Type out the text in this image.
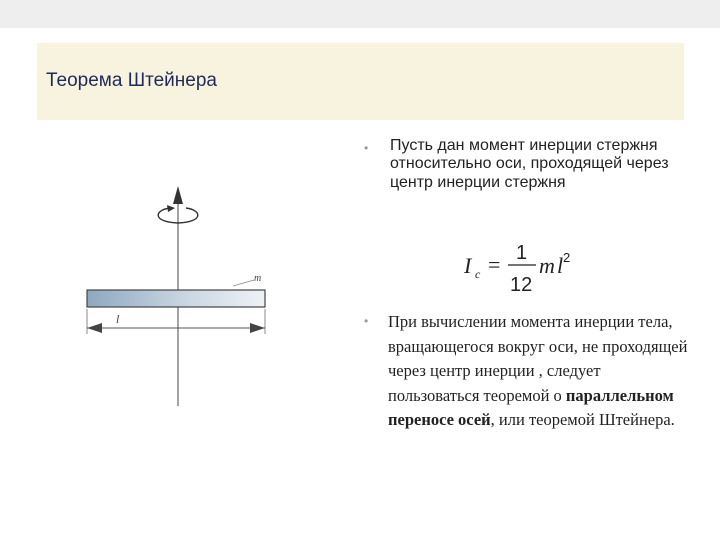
Теорема Штейнера
• Пусть дан момент инерции стержня относительно оси, проходящей через центр инерции стержня
I c = 1
12
m l 2
• При вычислении момента инерции тела, вращающегося вокруг оси, не проходящей через центр инерции , следует пользоваться теоремой о параллельном переносе осей, или теоремой Штейнера.
m
l
